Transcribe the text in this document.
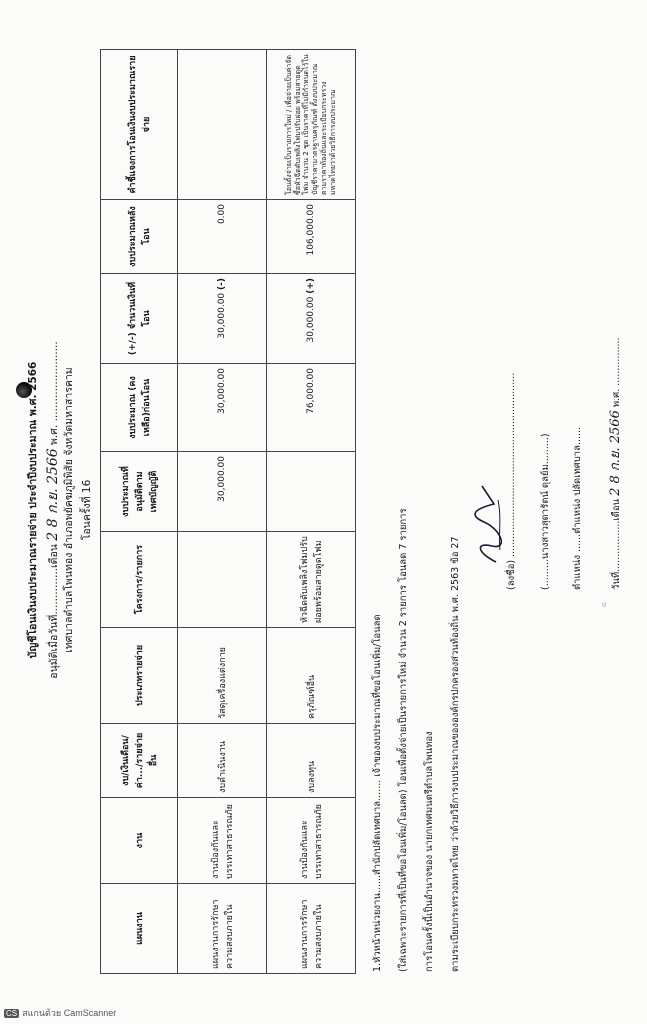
บัญชีโอนเงินงบประมาณรายจ่าย ประจำปีงบประมาณ พ.ศ. 2566 อนุมัติเมื่อวันที่..............เดือน 2 8 ก.ย. 2566 พ.ศ. ........................ เทศบาลตำบลโพนทอง อำเภอพยัคฆภูมิพิสัย จังหวัดมหาสารคาม โอนครั้งที่ 16
แผนงาน	งาน	งบ/เงินเดือน/ค่า.../รายจ่ายอื่น	ประเภทรายจ่าย	โครงการ/รายการ	งบประมาณที่อนุมัติตามเทศบัญญัติ	งบประมาณ (คงเหลือ)ก่อนโอน	(+/-) จำนวนเงินที่โอน	งบประมาณหลังโอน	คำชี้แจงการโอนเงินงบประมาณรายจ่าย
แผนงานการรักษาความสงบภายใน	งานป้องกันและบรรเทาสาธารณภัย	งบดำเนินงาน	วัสดุเครื่องแต่งกาย		30,000.00	30,000.00	30,000.00 (-)	0.00	
แผนงานการรักษาความสงบภายใน	งานป้องกันและบรรเทาสาธารณภัย	งบลงทุน	ครุภัณฑ์อื่น	หัวฉีดดับเพลิงโฟมปรับฝอยพร้อมสายดูดโฟม		76,000.00	30,000.00 (+)	106,000.00	โอนตั้งจ่ายเป็นรายการใหม่ / เพื่อจ่ายเป็นค่าจัดซื้อหัวฉีดดับเพลิงโฟมปรับฝอย พร้อมสายดูดโฟม จำนวน 2 ชุด เป็นราคาที่ไม่มีกำหนดไว้ในบัญชีราคามาตรฐานครุภัณฑ์ ตั้งงบประมาณตามราคาท้องถิ่นและระเบียบกระทรวงมหาดไทยว่าด้วยวิธีการงบประมาณ
1.หัวหน้าหน่วยงาน......สำนักปลัดเทศบาล....... เจ้าของงบประมาณที่ขอโอนเพิ่ม/โอนลด (ใส่เฉพาะรายการที่เป็นที่ขอโอนเพิ่ม/โอนลด) โอนเพื่อตั้งจ่ายเป็นรายการใหม่ จำนวน 2 รายการ โอนลด 7 รายการ การโอนครั้งนี้เป็นอำนาจของ นายกเทศมนตรีตำบลโพนทอง ตามระเบียบกระทรวงมหาดไทย ว่าด้วยวิธีการงบประมาณขององค์กรปกครองส่วนท้องถิ่น พ.ศ. 2563 ข้อ 27
(ลงชื่อ) ............................................................. (.........นางสาวสุดารัตน์ ดุลย์ม.........) ตำแหน่ง ......ตำแหน่ง ปลัดเทศบาล......	วันที่.................เดือน 2 8 ก.ย. 2566 พ.ศ. ................
ᵁ
CS สแกนด้วย CamScanner
